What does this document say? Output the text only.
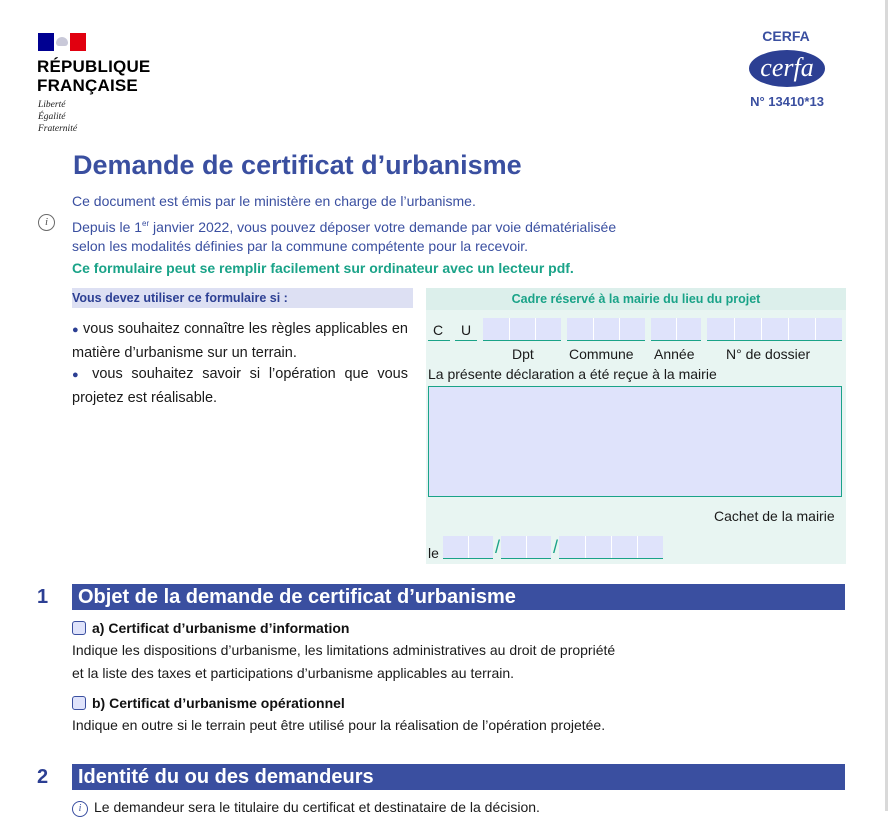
RÉPUBLIQUE
FRANÇAISE
Liberté
Égalité
Fraternité
CERFA
cerfa
N° 13410*13
Demande de certificat d’urbanisme
Ce document est émis par le ministère en charge de l’urbanisme.
i	Depuis le 1er janvier 2022, vous pouvez déposer votre demande par voie dématérialisée
selon les modalités définies par la commune compétente pour la recevoir.
Ce formulaire peut se remplir facilement sur ordinateur avec un lecteur pdf.
Vous devez utiliser ce formulaire si :
● vous souhaitez connaître les règles applicables en matière d’urbanisme sur un terrain.
● vous souhaitez savoir si l’opération que vous projetez est réalisable.
Cadre réservé à la mairie du lieu du projet
C U
Dpt	Commune Année N° de dossier
La présente déclaration a été reçue à la mairie
Cachet de la mairie
le	/	/
1 Objet de la demande de certificat d’urbanisme
a) Certificat d’urbanisme d’information
Indique les dispositions d’urbanisme, les limitations administratives au droit de propriété
et la liste des taxes et participations d’urbanisme applicables au terrain.
b) Certificat d’urbanisme opérationnel
Indique en outre si le terrain peut être utilisé pour la réalisation de l’opération projetée.
2 Identité du ou des demandeurs
i Le demandeur sera le titulaire du certificat et destinataire de la décision.
